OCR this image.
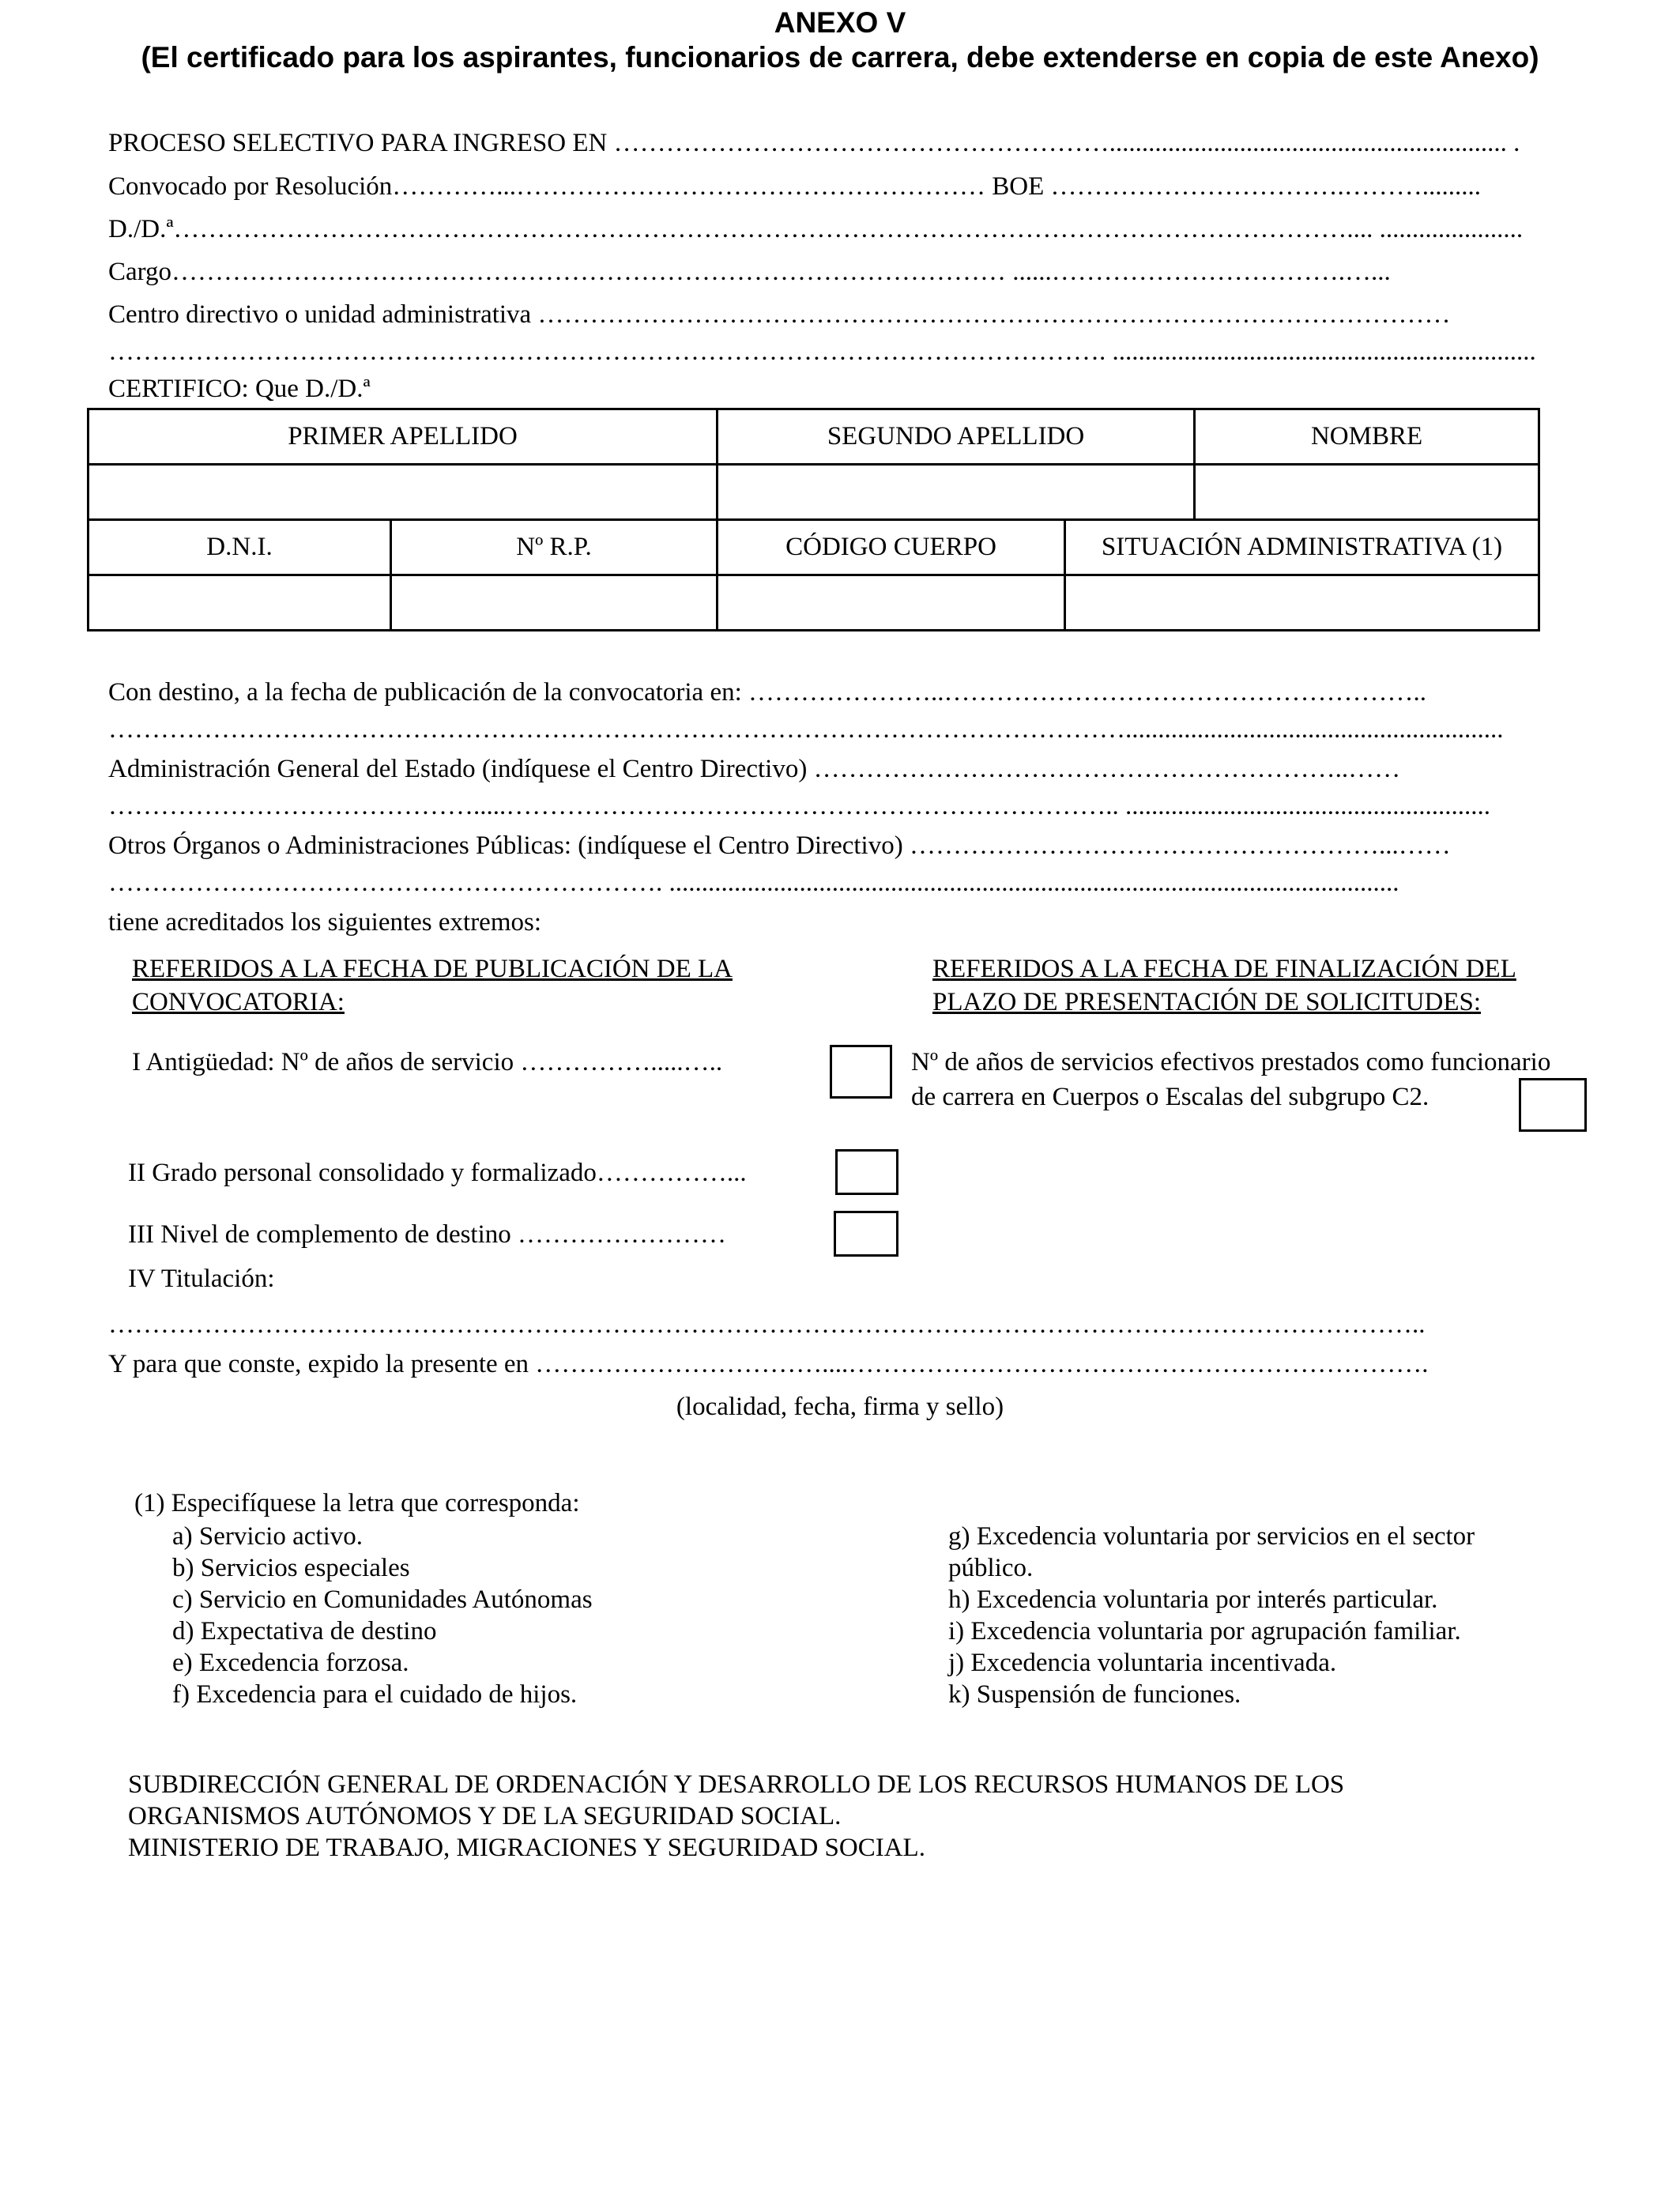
ANEXO V
(El certificado para los aspirantes, funcionarios de carrera, debe extenderse en copia de este Anexo)
PROCESO SELECTIVO PARA INGRESO EN …………………………………………………............................................................. .
Convocado por Resolución…………...……………………………………………… BOE …………………………….……….........
D./D.ª……………………………………………………………………………………………………………………….... ......................
Cargo…………………………………………………………………………………… ......…………………………….…...
Centro directivo o unidad administrativa ……………………………………………………………………………………………
……………………………………………………………………………………………………. .................................................................
CERTIFICO: Que D./D.ª
PRIMER APELLIDO		SEGUNDO APELLIDO		NOMBRE

D.N.I.	Nº R.P.	CÓDIGO CUERPO	SITUACIÓN ADMINISTRATIVA (1)	

Con destino, a la fecha de publicación de la convocatoria en: …………………..………………………………………………..
………………………………………………………………………………………………………..........................................................
Administración General del Estado (indíquese el Centro Directivo) ……………………………………………………..……
…………………………………….....…………………………………………………………….. ........................................................
Otros Órganos o Administraciones Públicas: (indíquese el Centro Directivo) ………………………………………………...……
………………………………………………………. ................................................................................................................
tiene acreditados los siguientes extremos:
REFERIDOS A LA FECHA DE PUBLICACIÓN DE LA
CONVOCATORIA:
REFERIDOS A LA FECHA DE FINALIZACIÓN DEL
PLAZO DE PRESENTACIÓN DE SOLICITUDES:
I Antigüedad: Nº de años de servicio …………….....…..	Nº de años de servicios efectivos prestados como funcionario
de carrera en Cuerpos o Escalas del subgrupo C2.
II Grado personal consolidado y formalizado……………...
III Nivel de complemento de destino ……………………
IV Titulación:
……………………………………………………………………………………………………………………………………..
Y para que conste, expido la presente en ……………………………....………………………………………………………….
(localidad, fecha, firma y sello)
(1) Especifíquese la letra que corresponda:
a) Servicio activo.
b) Servicios especiales
c) Servicio en Comunidades Autónomas
d) Expectativa de destino
e) Excedencia forzosa.
f) Excedencia para el cuidado de hijos.
g) Excedencia voluntaria por servicios en el sector
público.
h) Excedencia voluntaria por interés particular.
i) Excedencia voluntaria por agrupación familiar.
j) Excedencia voluntaria incentivada.
k) Suspensión de funciones.
SUBDIRECCIÓN GENERAL DE ORDENACIÓN Y DESARROLLO DE LOS RECURSOS HUMANOS DE LOS
ORGANISMOS AUTÓNOMOS Y DE LA SEGURIDAD SOCIAL.
MINISTERIO DE TRABAJO, MIGRACIONES Y SEGURIDAD SOCIAL.
